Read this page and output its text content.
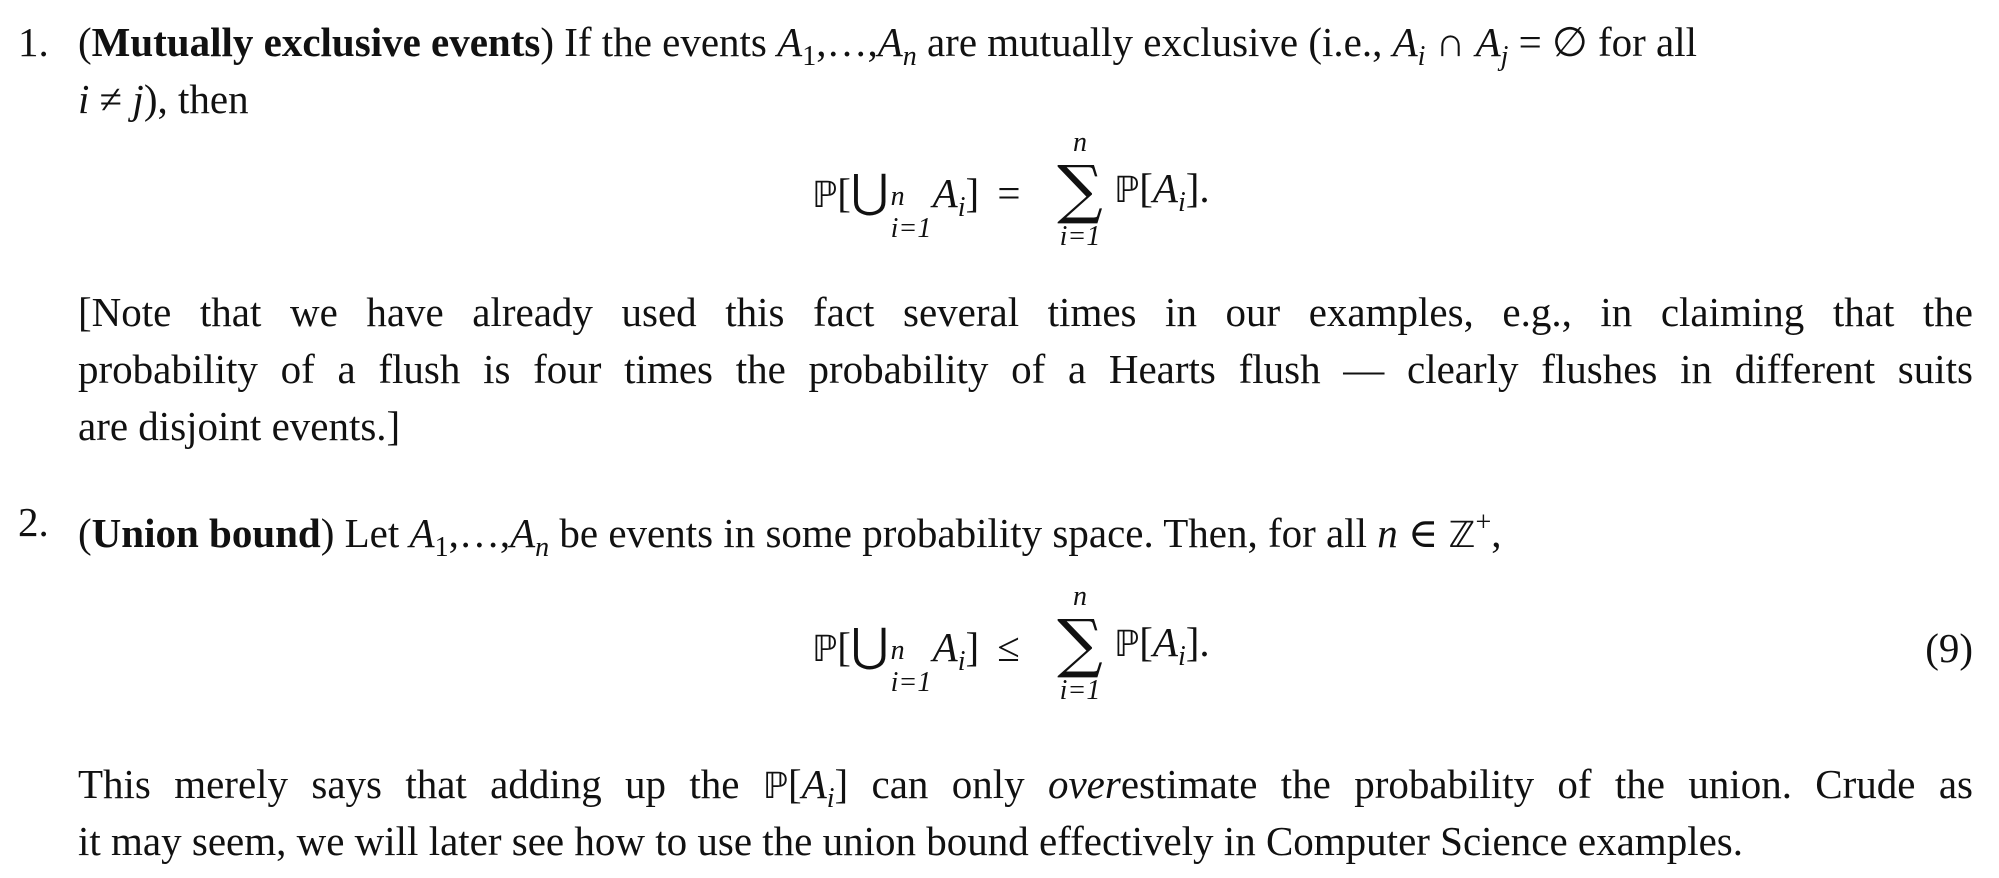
1. (Mutually exclusive events) If the events $A_1,\dots,A_n$ are mutually exclusive (i.e., $A_i$ ∩ $A_j$ = ∅ for all
i ≠ j), then
ℙ[⋃ n
i=1
$A_i$] =
n
∑
i=1
$ℙ[A_i]$.
[Note that we have already used this fact several times in our examples, e.g., in claiming that the
probability of a flush is four times the probability of a Hearts flush — clearly flushes in different suits
are disjoint events.]
2. (Union bound) Let $A_1,\dots,A_n$ be events in some probability space. Then, for all n ∈ ℤ+,
ℙ[⋃ n
i=1
$A_i$] ≤
n
∑
i=1
$ℙ[A_i]$.	(9)
This merely says that adding up the $ℙ[A_i]$ can only overestimate the probability of the union. Crude as
it may seem, we will later see how to use the union bound effectively in Computer Science examples.
